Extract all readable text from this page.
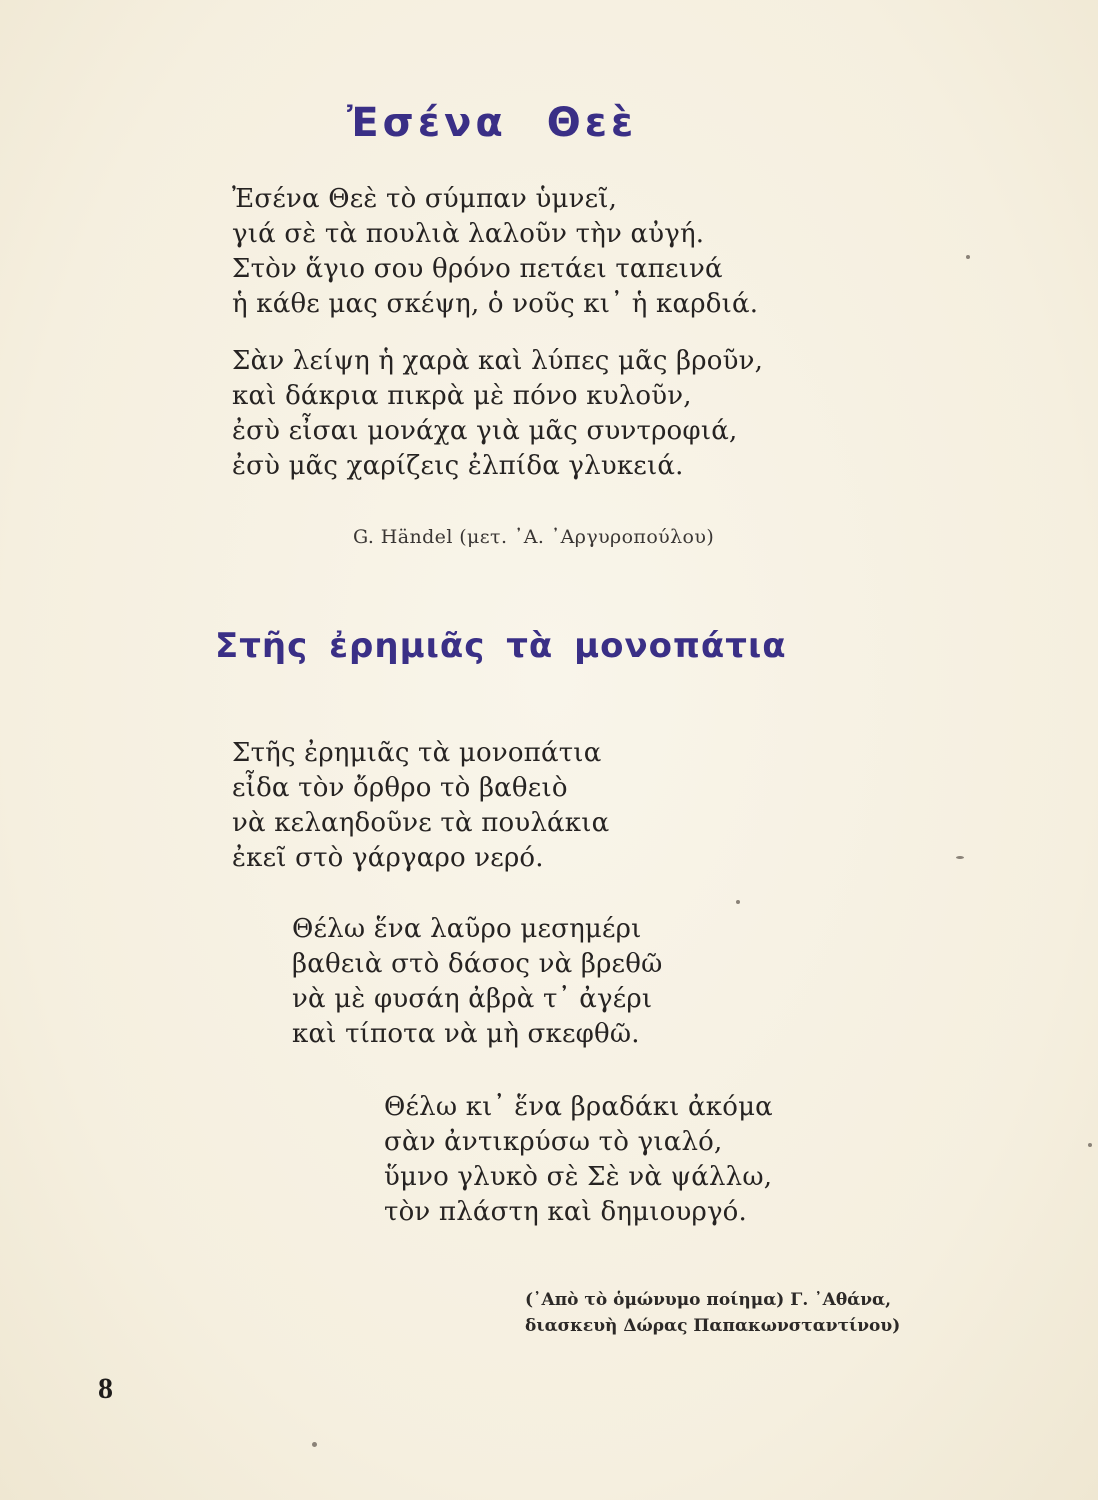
Ἐσένα Θεὲ
Ἐσένα Θεὲ τὸ σύμπαν ὑμνεῖ,
γιά σὲ τὰ πουλιὰ λαλοῦν τὴν αὐγή.
Στὸν ἅγιο σου θρόνο πετάει ταπεινά
ἡ κάθε μας σκέψη, ὁ νοῦς κι᾿ ἡ καρδιά.
Σὰν λείψη ἡ χαρὰ καὶ λύπες μᾶς βροῦν,
καὶ δάκρια πικρὰ μὲ πόνο κυλοῦν,
ἐσὺ εἶσαι μονάχα γιὰ μᾶς συντροφιά,
ἐσὺ μᾶς χαρίζεις ἐλπίδα γλυκειά.
G. Händel (μετ. ᾿Α. ᾿Αργυροπούλου)
Στῆς ἐρημιᾶς τὰ μονοπάτια
Στῆς ἐρημιᾶς τὰ μονοπάτια
εἶδα τὸν ὄρθρο τὸ βαθειὸ
νὰ κελαηδοῦνε τὰ πουλάκια
ἐκεῖ στὸ γάργαρο νερό.
Θέλω ἕνα λαῦρο μεσημέρι
βαθειὰ στὸ δάσος νὰ βρεθῶ
νὰ μὲ φυσάη ἀβρὰ τ᾿ ἀγέρι
καὶ τίποτα νὰ μὴ σκεφθῶ.
Θέλω κι᾿ ἕνα βραδάκι ἀκόμα
σὰν ἀντικρύσω τὸ γιαλό,
ὕμνο γλυκὸ σὲ Σὲ νὰ ψάλλω,
τὸν πλάστη καὶ δημιουργό.
(᾿Απὸ τὸ ὁμώνυμο ποίημα) Γ. ᾿Αθάνα,
διασκευὴ Δώρας Παπακωνσταντίνου)
8
